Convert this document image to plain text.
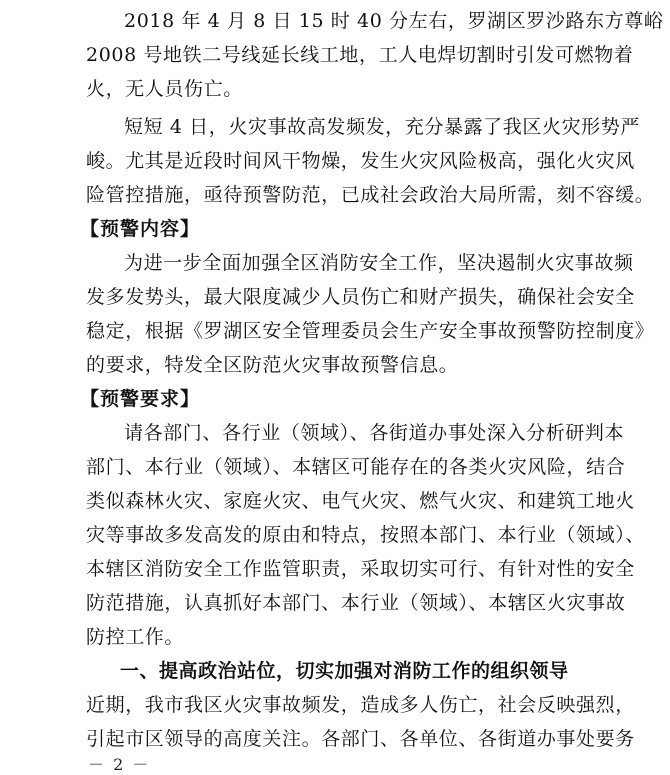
2018 年 4 月 8 日 15 时 40 分左右，罗湖区罗沙路东方尊峪
2008 号地铁二号线延长线工地，工人电焊切割时引发可燃物着
火，无人员伤亡。
短短 4 日，火灾事故高发频发，充分暴露了我区火灾形势严
峻。尤其是近段时间风干物燥，发生火灾风险极高，强化火灾风
险管控措施，亟待预警防范，已成社会政治大局所需，刻不容缓。
【预警内容】
为进一步全面加强全区消防安全工作，坚决遏制火灾事故频
发多发势头，最大限度减少人员伤亡和财产损失，确保社会安全
稳定，根据《罗湖区安全管理委员会生产安全事故预警防控制度》
的要求，特发全区防范火灾事故预警信息。
【预警要求】
请各部门、各行业（领域）、各街道办事处深入分析研判本
部门、本行业（领域）、本辖区可能存在的各类火灾风险，结合
类似森林火灾、家庭火灾、电气火灾、燃气火灾、和建筑工地火
灾等事故多发高发的原由和特点，按照本部门、本行业（领域）、
本辖区消防安全工作监管职责，采取切实可行、有针对性的安全
防范措施，认真抓好本部门、本行业（领域）、本辖区火灾事故
防控工作。
一、提高政治站位，切实加强对消防工作的组织领导
近期，我市我区火灾事故频发，造成多人伤亡，社会反映强烈，
引起市区领导的高度关注。各部门、各单位、各街道办事处要务
－ 2 －
